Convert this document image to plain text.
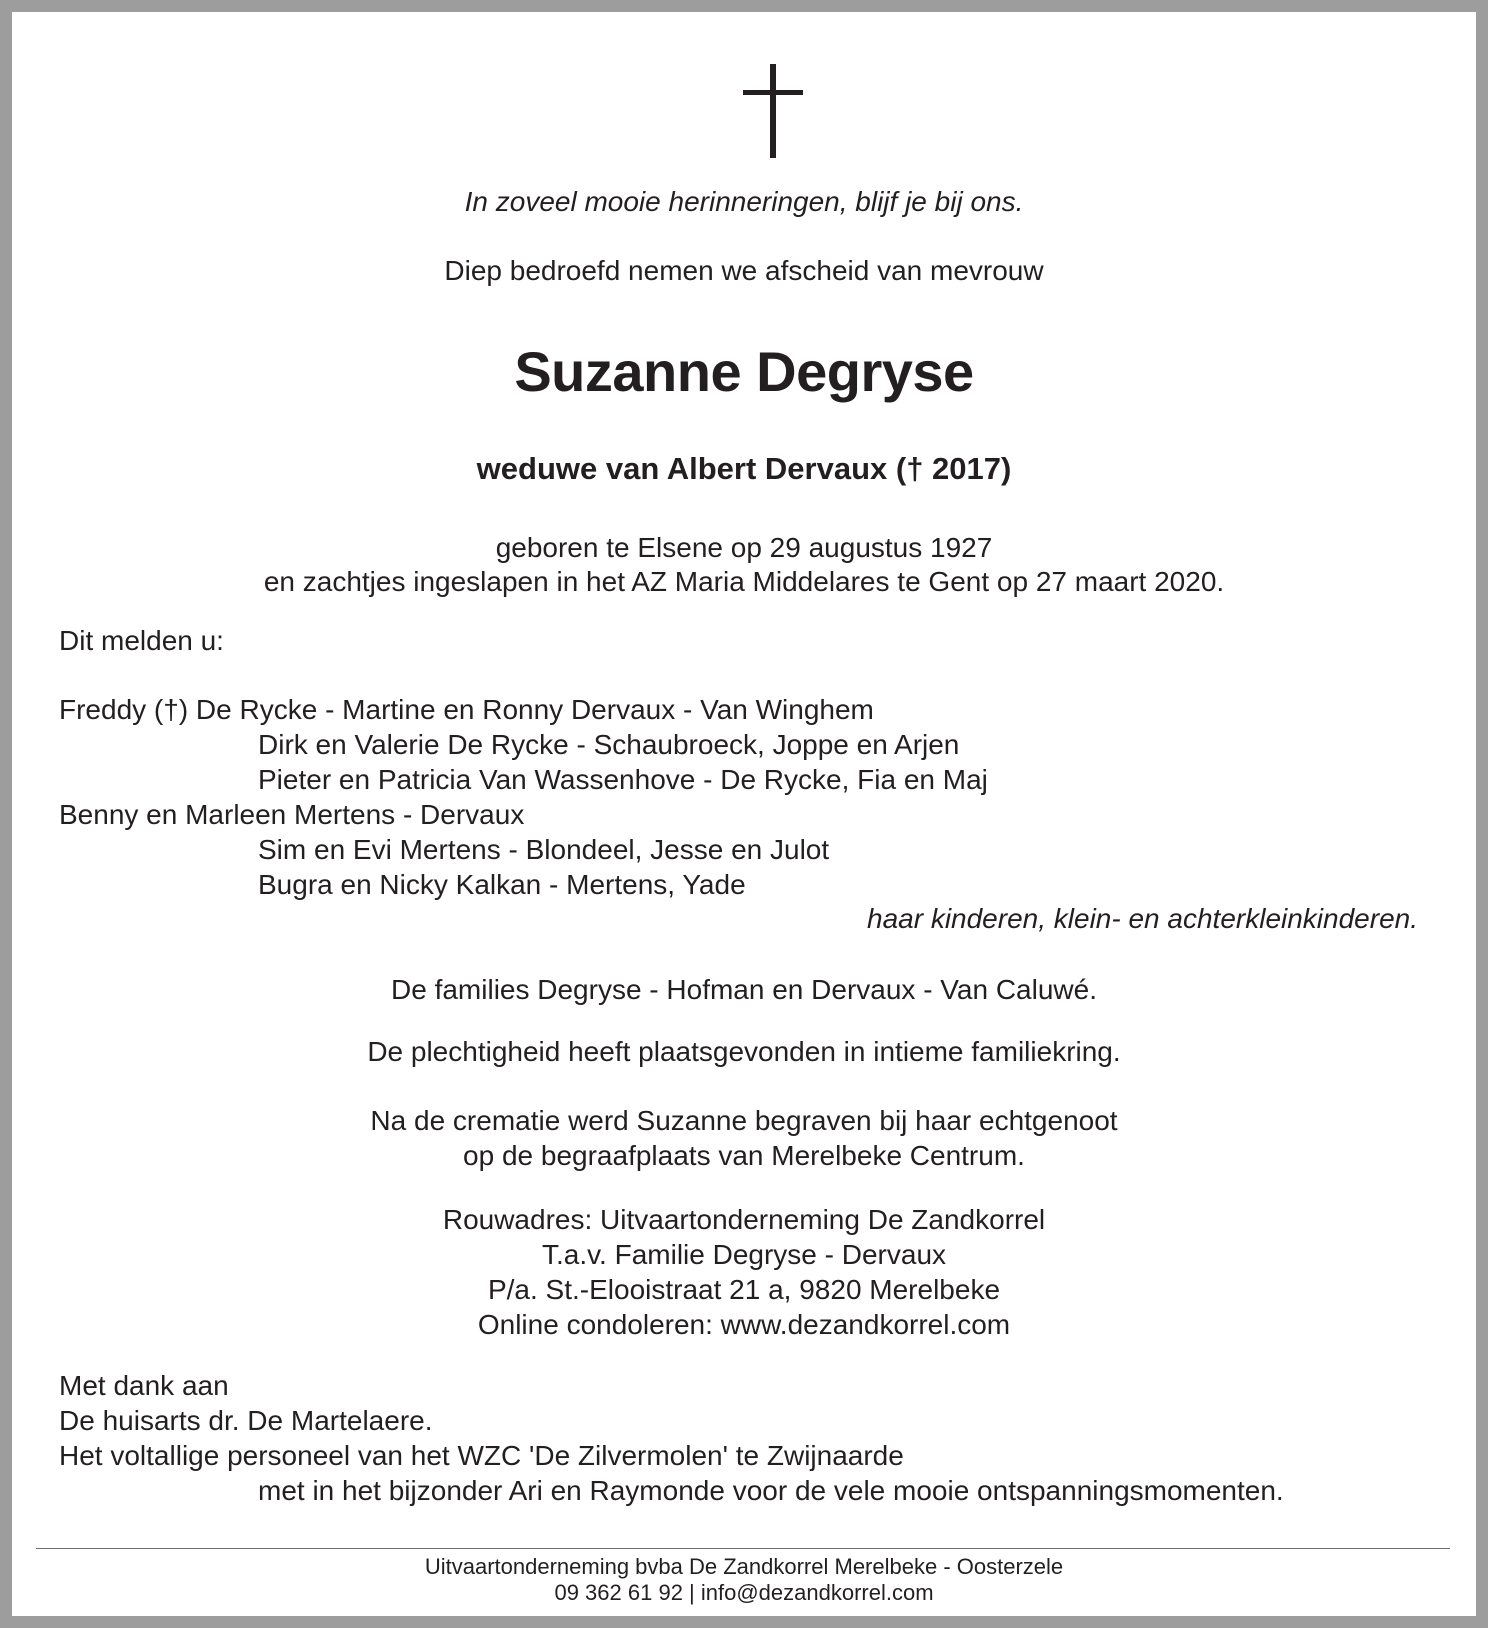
In zoveel mooie herinneringen, blijf je bij ons.
Diep bedroefd nemen we afscheid van mevrouw
Suzanne Degryse
weduwe van Albert Dervaux († 2017)
geboren te Elsene op 29 augustus 1927
en zachtjes ingeslapen in het AZ Maria Middelares te Gent op 27 maart 2020.
Dit melden u:
Freddy (†) De Rycke - Martine en Ronny Dervaux - Van Winghem
Dirk en Valerie De Rycke - Schaubroeck, Joppe en Arjen
Pieter en Patricia Van Wassenhove - De Rycke, Fia en Maj
Benny en Marleen Mertens - Dervaux
Sim en Evi Mertens - Blondeel, Jesse en Julot
Bugra en Nicky Kalkan - Mertens, Yade
haar kinderen, klein- en achterkleinkinderen.
De families Degryse - Hofman en Dervaux - Van Caluwé.
De plechtigheid heeft plaatsgevonden in intieme familiekring.
Na de crematie werd Suzanne begraven bij haar echtgenoot
op de begraafplaats van Merelbeke Centrum.
Rouwadres: Uitvaartonderneming De Zandkorrel
T.a.v. Familie Degryse - Dervaux
P/a. St.-Elooistraat 21 a, 9820 Merelbeke
Online condoleren: www.dezandkorrel.com
Met dank aan
De huisarts dr. De Martelaere.
Het voltallige personeel van het WZC 'De Zilvermolen' te Zwijnaarde
met in het bijzonder Ari en Raymonde voor de vele mooie ontspanningsmomenten.
Uitvaartonderneming bvba De Zandkorrel Merelbeke - Oosterzele
09 362 61 92 | info@dezandkorrel.com
